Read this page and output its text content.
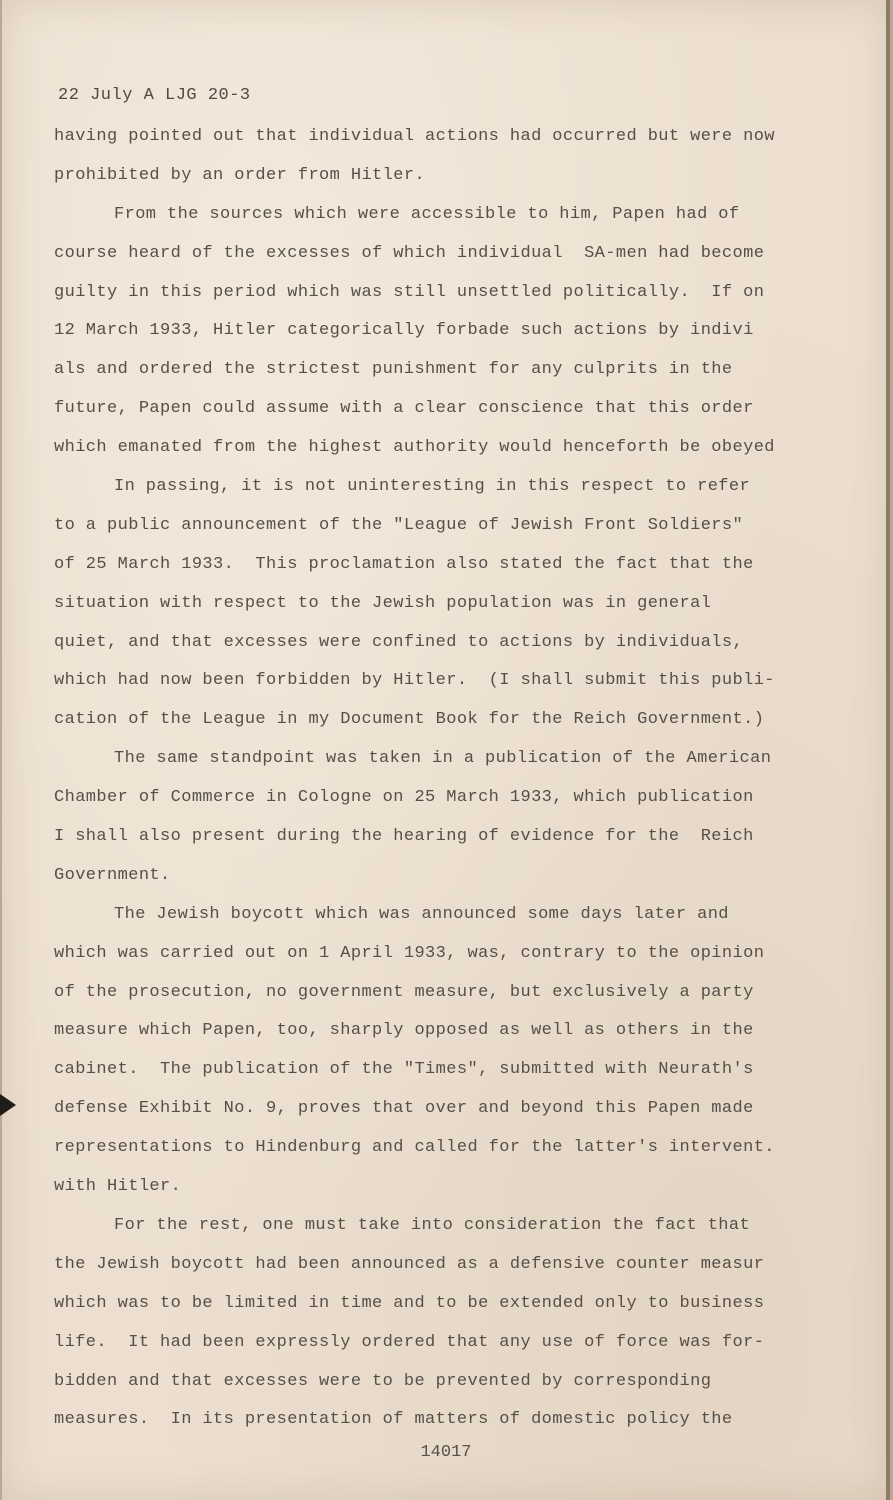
22 July A LJG 20-3
having pointed out that individual actions had occurred but were now
prohibited by an order from Hitler.
From the sources which were accessible to him, Papen had of
course heard of the excesses of which individual  SA-men had become
guilty in this period which was still unsettled politically.  If on
12 March 1933, Hitler categorically forbade such actions by indivi
als and ordered the strictest punishment for any culprits in the
future, Papen could assume with a clear conscience that this order
which emanated from the highest authority would henceforth be obeyed
In passing, it is not uninteresting in this respect to refer
to a public announcement of the "League of Jewish Front Soldiers"
of 25 March 1933.  This proclamation also stated the fact that the
situation with respect to the Jewish population was in general
quiet, and that excesses were confined to actions by individuals,
which had now been forbidden by Hitler.  (I shall submit this publi-
cation of the League in my Document Book for the Reich Government.)
The same standpoint was taken in a publication of the American
Chamber of Commerce in Cologne on 25 March 1933, which publication
I shall also present during the hearing of evidence for the  Reich
Government.
The Jewish boycott which was announced some days later and
which was carried out on 1 April 1933, was, contrary to the opinion
of the prosecution, no government measure, but exclusively a party
measure which Papen, too, sharply opposed as well as others in the
cabinet.  The publication of the "Times", submitted with Neurath's
defense Exhibit No. 9, proves that over and beyond this Papen made
representations to Hindenburg and called for the latter's intervent.
with Hitler.
For the rest, one must take into consideration the fact that
the Jewish boycott had been announced as a defensive counter measur
which was to be limited in time and to be extended only to business
life.  It had been expressly ordered that any use of force was for-
bidden and that excesses were to be prevented by corresponding
measures.  In its presentation of matters of domestic policy the
14017
